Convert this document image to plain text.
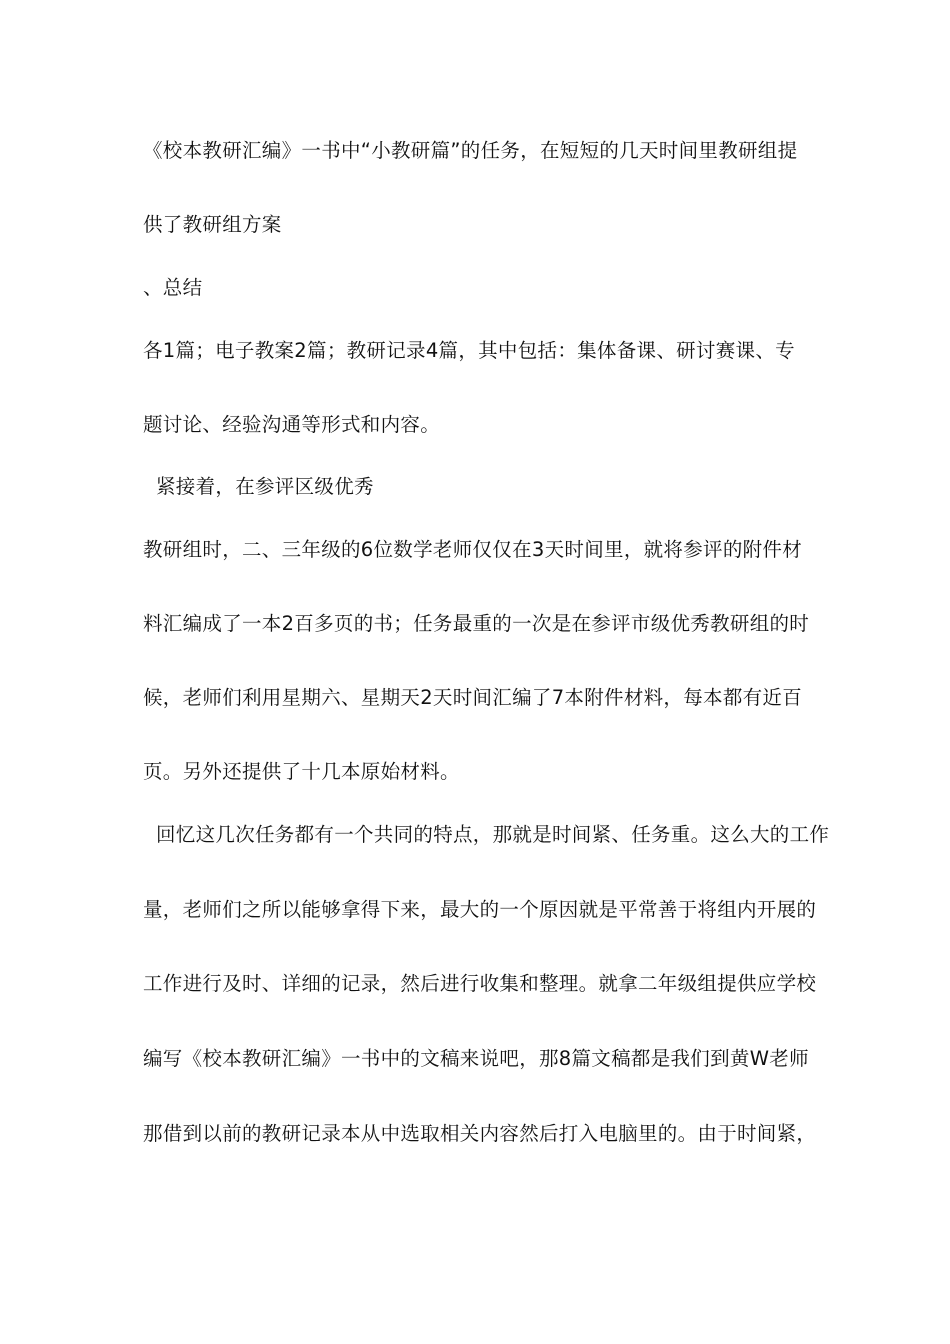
《校本教研汇编》一书中“小教研篇”的任务，在短短的几天时间里教研组提
供了教研组方案
、总结
各1篇；电子教案2篇；教研记录4篇，其中包括：集体备课、研讨赛课、专
题讨论、经验沟通等形式和内容。
紧接着，在参评区级优秀
教研组时，二、三年级的6位数学老师仅仅在3天时间里，就将参评的附件材
料汇编成了一本2百多页的书；任务最重的一次是在参评市级优秀教研组的时
候，老师们利用星期六、星期天2天时间汇编了7本附件材料，每本都有近百
页。另外还提供了十几本原始材料。
回忆这几次任务都有一个共同的特点，那就是时间紧、任务重。这么大的工作
量，老师们之所以能够拿得下来，最大的一个原因就是平常善于将组内开展的
工作进行及时、详细的记录，然后进行收集和整理。就拿二年级组提供应学校
编写《校本教研汇编》一书中的文稿来说吧，那8篇文稿都是我们到黄W老师
那借到以前的教研记录本从中选取相关内容然后打入电脑里的。由于时间紧，
